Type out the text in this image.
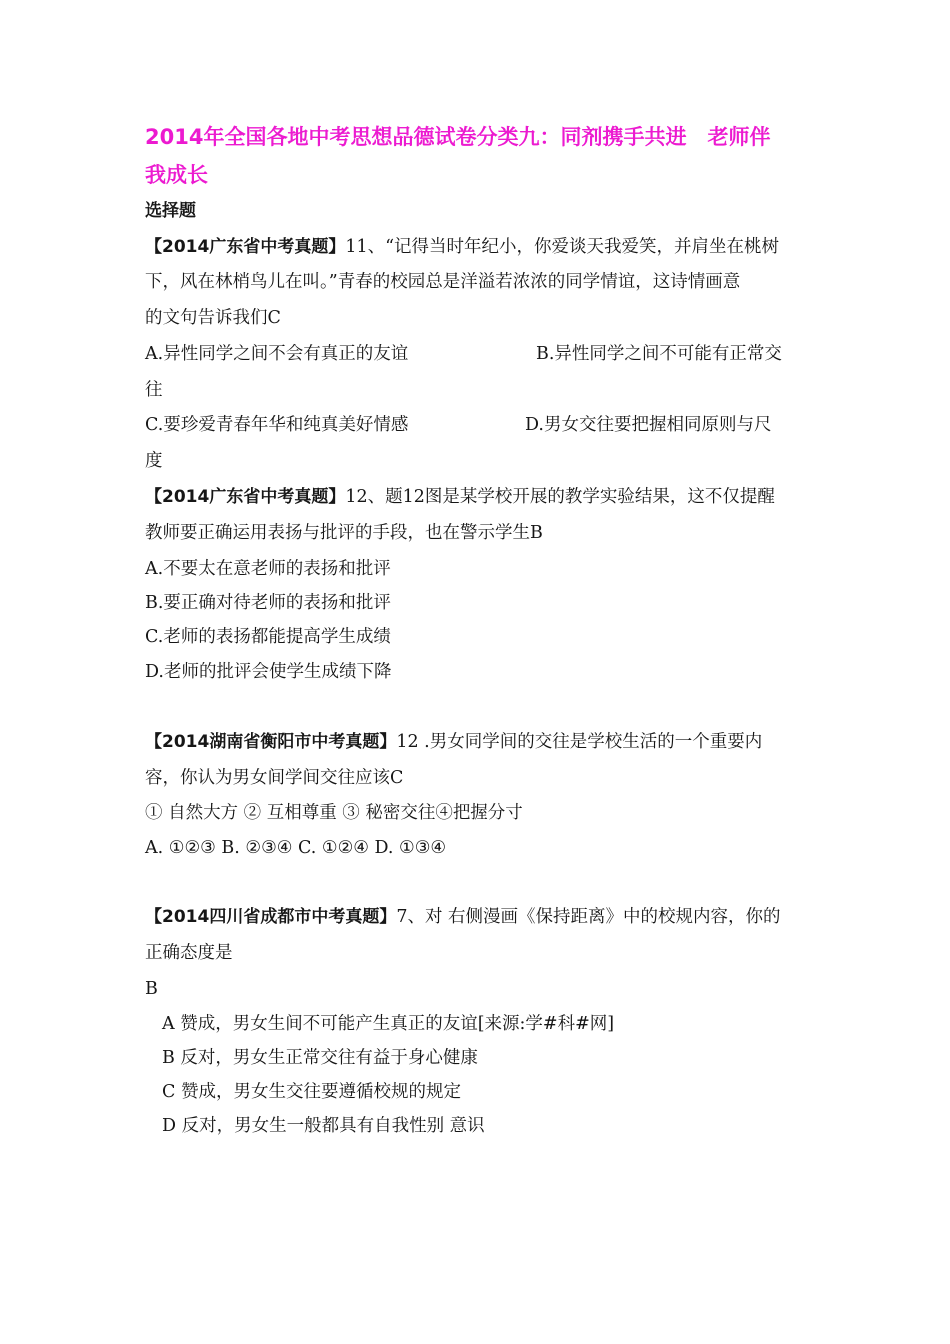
2014年全国各地中考思想品德试卷分类九：同剂携手共进　老师伴
我成长
选择题
【2014广东省中考真题】11、“记得当时年纪小，你爱谈天我爱笑，并肩坐在桃树
下，风在林梢鸟儿在叫。”青春的校园总是洋溢若浓浓的同学情谊，这诗情画意
的文句告诉我们C
A.异性同学之间不会有真正的友谊	B.异性同学之间不可能有正常交
往
C.要珍爱青春年华和纯真美好情感	D.男女交往要把握相同原则与尺
度
【2014广东省中考真题】12、题12图是某学校开展的教学实验结果，这不仅提醒
教师要正确运用表扬与批评的手段，也在警示学生B
A.不要太在意老师的表扬和批评
B.要正确对待老师的表扬和批评
C.老师的表扬都能提高学生成绩
D.老师的批评会使学生成绩下降
【2014湖南省衡阳市中考真题】12 .男女同学间的交往是学校生活的一个重要内
容，你认为男女间学间交往应该C
① 自然大方 ② 互相尊重 ③ 秘密交往④把握分寸
A. ①②③ B. ②③④ C. ①②④ D. ①③④
【2014四川省成都市中考真题】7、对 右侧漫画《保持距离》中的校规内容，你的
正确态度是
B
A 赞成，男女生间不可能产生真正的友谊[来源:学#科#网]
B 反对，男女生正常交往有益于身心健康
C 赞成，男女生交往要遵循校规的规定
D 反对，男女生一般都具有自我性别 意识
